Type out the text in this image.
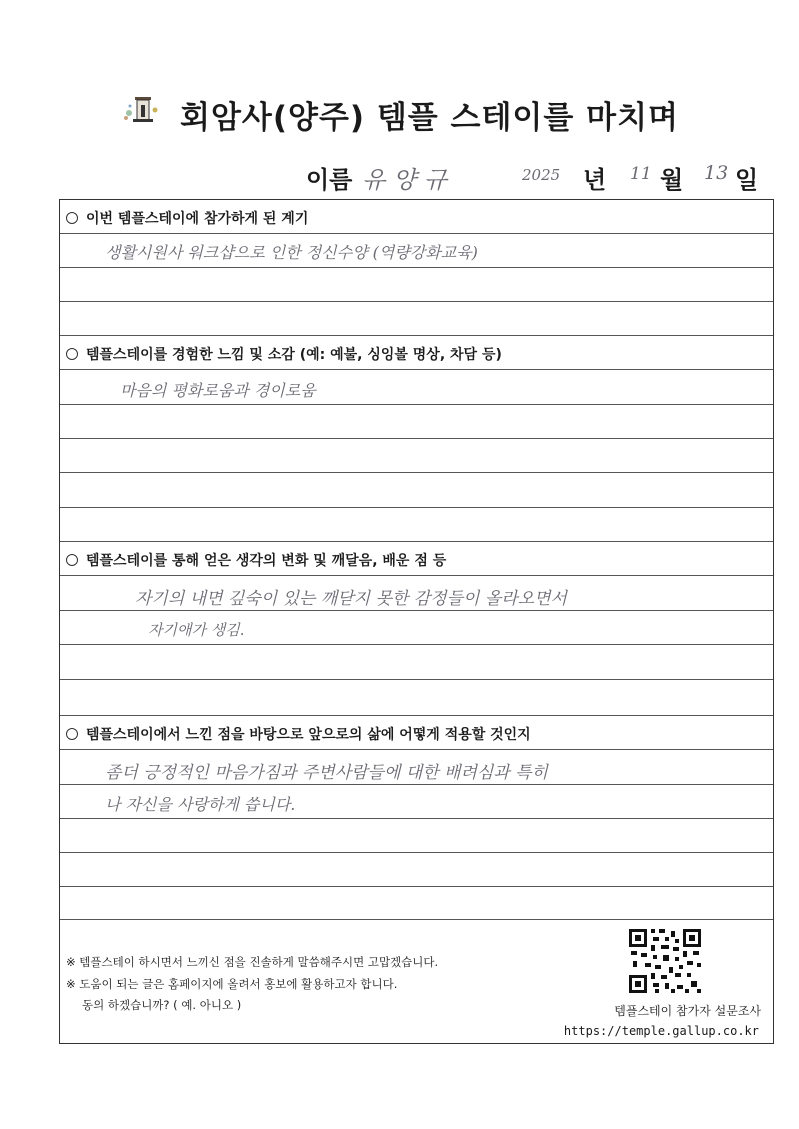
회암사(양주) 템플 스테이를 마치며
이름 유 양 규	2025 년 11 월 13 일
이번 템플스테이에 참가하게 된 계기
생활시원사 워크샵으로 인한 정신수양 (역량강화교육)
템플스테이를 경험한 느낌 및 소감 (예: 예불, 싱잉볼 명상, 차담 등)
마음의 평화로움과 경이로움
템플스테이를 통해 얻은 생각의 변화 및 깨달음, 배운 점 등
자기의 내면 깊숙이 있는 깨닫지 못한 감정들이 올라오면서
자기애가 생김.
템플스테이에서 느낀 점을 바탕으로 앞으로의 삶에 어떻게 적용할 것인지
좀더 긍정적인 마음가짐과 주변사람들에 대한 배려심과 특히
나 자신을 사랑하게 씁니다.
※ 템플스테이 하시면서 느끼신 점을 진솔하게 말씀해주시면 고맙겠습니다.
※ 도움이 되는 글은 홈페이지에 올려서 홍보에 활용하고자 합니다.
동의 하겠습니까? ( 예. 아니오 )	템플스테이 참가자 설문조사
https://temple.gallup.co.kr
